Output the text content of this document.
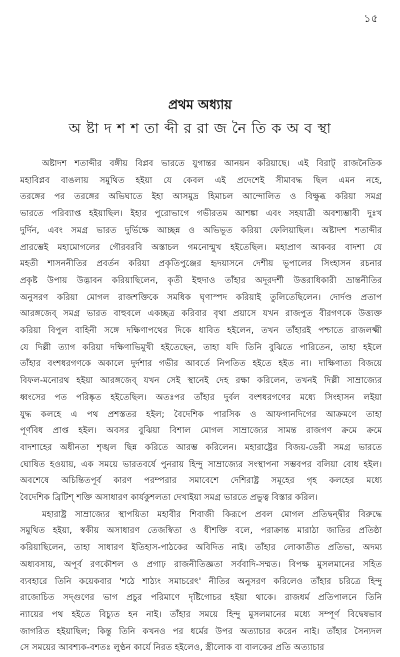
১৫
প্রথম অধ্যায়
অ ষ্টা দ শ শ তা ব্দী র রা জ নৈ তি ক অ ব স্থা

অষ্টাদশ শতাব্দীর বঙ্গীয় বিপ্লব ভারতে যুগান্তর আনয়ন করিয়াছে। এই বিরাট্ রাজনৈতিক
মহাবিপ্লব বাঙলায় সমুথিত হইয়া যে কেবল এই প্রদেশেই সীমাবদ্ধ ছিল এমন নহে,
তরঙ্গের পর তরঙ্গের অভিঘাতে ইহা আসমুদ্র হিমাচল আন্দোলিত ও বিক্ষুব্ধ করিয়া সমগ্র
ভারতে পরিব্যাপ্ত হইয়াছিল। ইহার পুরোভাগে গভীরতম আশঙ্কা এবং সহযাত্রী অবশ্যম্ভাবী দুঃখ
দুর্দিন, এবং সমগ্র ভারত দুর্ভিক্ষে আচ্ছন্ন ও অভিভূত করিয়া ফেলিয়াছিল। অষ্টাদশ শতাব্দীর
প্রারম্ভেই মহামোগলের গৌরবরবি অস্তাচল গমনোন্মুখ হইতেছিল। মহাপ্রাণ আকবর বাদশা যে
মহতী শাসননীতির প্রবর্তন করিয়া প্রকৃতিপুঞ্জের হৃদয়াসনে দেশীয় ভূপালের সিংহাসন রচনার
প্রকৃষ্ট উপায় উদ্ভাবন করিয়াছিলেন, কৃতী ইহুদাও তাঁহার অদূরদর্শী উত্তরাধিকারী ভ্রান্তনীতির
অনুসরণ করিয়া মোগল রাজশক্তিকে সমধিক ঘৃণাস্পদ করিয়াই তুলিতেছিলেন। দোর্দণ্ড প্রতাপ
আরঙ্গজেব্ সমগ্র ভারত বাহুবলে একচ্ছত্র করিবার বৃথা প্রয়াসে যখন রাজপুত বীরগণকে উত্ত্যক্ত
করিয়া বিপুল বাহিনী সঙ্গে দক্ষিণাপথের দিকে ধাবিত হইলেন, তখন তাঁহারই পশ্চাতে রাজলক্ষ্মী
যে দিল্লী ত্যাগ করিয়া দক্ষিণাভিমুখী হইতেছেন, তাহা যদি তিনি বুঝিতে পারিতেন, তাহা হইলে
তাঁহার বংশধরগণকে অকালে দুর্দশার গভীর আবর্তে নিপতিত হইতে হইত না। দাক্ষিণাত্য বিজয়ে
বিফল-মনোরথ হইয়া আরঙ্গজেব্ যখন সেই স্থানেই দেহ রক্ষা করিলেন, তখনই দিল্লী সাম্রাজ্যের
ধ্বংসের পত পরিষ্কৃত হইতেছিল। অতঃপর তাঁহার দুর্বল বংশধরগণের মধ্যে সিংহাসন লইয়া
যুদ্ধ কলহে এ পথ প্রশস্ততর হইল; বৈদেশিক পারসিক ও আফগানদিগের আক্রমণে তাহা
পূর্ণবিধ প্রাপ্ত হইল। অবসর বুঝিয়া বিশাল মোগল সাম্রাজ্যের সামন্ত রাজগণ ক্রমে ক্রমে
বাদশাহের অধীনতা শৃঙ্খল ছিন্ন করিতে আরম্ভ করিলেন। মহারাষ্ট্রের বিজয়-ডেরী সমগ্র ভারতে
ঘোষিত হওয়ায়, এক সময়ে ভারতবর্ষে পুনরায় হিন্দু সাম্রাজ্যের সংস্থাপনা সম্ভবপর বলিয়া বোধ হইল।
অবশেষে অচিন্তিতপূর্ব কারণ পরম্পরার সমাবেশে দেশিরাষ্ট্র সমূহের গৃহ কলহের মধ্যে
বৈদেশিক ব্রিটিশ্ শক্তি অসাধারণ কার্যকুশলতা দেখাইয়া সমগ্র ভারতে প্রভুত্ব বিস্তার করিল।

মহারাষ্ট্র সাম্রাজ্যের স্থাপয়িতা মহাবীর শিবাজী কিরূপে প্রবল মোগল প্রতিদ্বন্দ্বীর বিরুদ্ধে
সমুথিত হইয়া, স্বকীয় অসাধারণ তেজস্বিতা ও ধীশক্তি বলে, পরাক্রান্ত মারাঠা জাতির প্রতিষ্ঠা
করিয়াছিলেন, তাহা সাধারণ ইতিহাস-পাঠকের অবিদিত নাই। তাঁহার লোকাতীত প্রতিভা, অদম্য
অধ্যবসায়, অপূর্ব রণকৌশল ও প্রগাঢ় রাজনীতিজ্ঞতা সর্ববাদি-সম্মত। বিপক্ষ মুসলমানের সহিত
ব্যবহারে তিনি কয়েকবার 'শঠে শাঠ্যং সমাচরেৎ' নীতির অনুসরণ করিলেও তাঁহার চরিত্রে হিন্দু
রাজোচিত সদ্গুণের ভাগ প্রচুর পরিমাণে দৃষ্টিগোচর হইয়া থাকে। রাজধর্ম প্রতিপালনে তিনি
ন্যায়ের পথ হইতে বিচ্যুত হন নাই। তাঁহার সময়ে হিন্দু মুসলমানের মধ্যে সম্পূর্ণ বিদ্বেষভাব
জাগরিত হইয়াছিল; কিন্তু তিনি কখনও পর ধর্মের উপর অত্যাচার করেন নাই। তাঁহার সৈন্যদল
সে সময়ের আবশ্যক-বশতঃ লুণ্ঠন কার্যে নিরত হইলেও, স্ত্রীলোক বা বালকের প্রতি অত্যাচার
